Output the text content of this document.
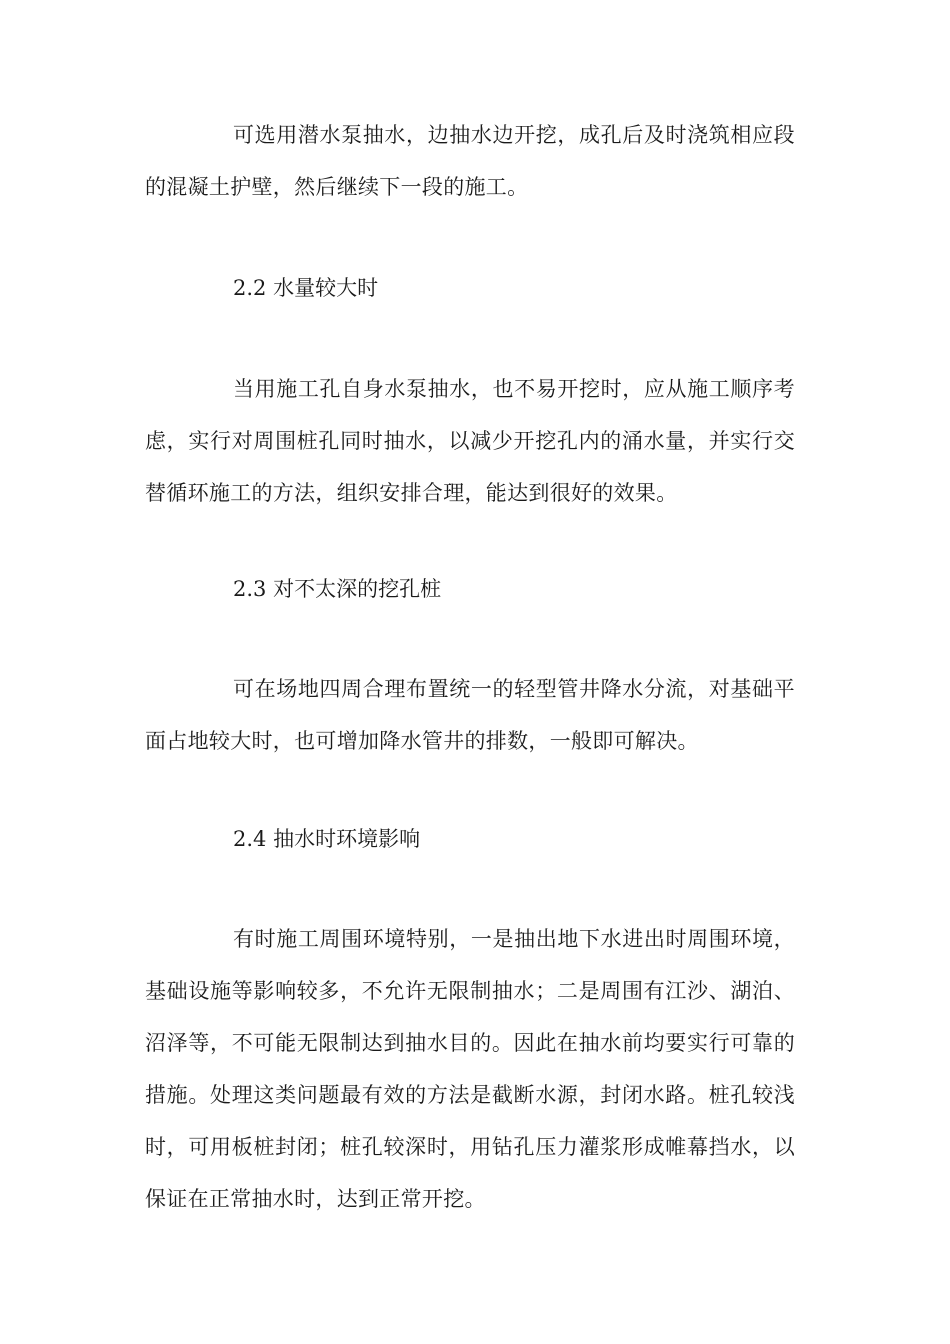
可选用潜水泵抽水，边抽水边开挖，成孔后及时浇筑相应段的混凝土护壁，然后继续下一段的施工。

2.2 水量较大时

当用施工孔自身水泵抽水，也不易开挖时，应从施工顺序考虑，实行对周围桩孔同时抽水，以减少开挖孔内的涌水量，并实行交替循环施工的方法，组织安排合理，能达到很好的效果。

2.3 对不太深的挖孔桩

可在场地四周合理布置统一的轻型管井降水分流，对基础平面占地较大时，也可增加降水管井的排数，一般即可解决。

2.4 抽水时环境影响

有时施工周围环境特别，一是抽出地下水进出时周围环境，基础设施等影响较多，不允许无限制抽水；二是周围有江沙、湖泊、沼泽等，不可能无限制达到抽水目的。因此在抽水前均要实行可靠的措施。处理这类问题最有效的方法是截断水源，封闭水路。桩孔较浅时，可用板桩封闭；桩孔较深时，用钻孔压力灌浆形成帷幕挡水，以保证在正常抽水时，达到正常开挖。
